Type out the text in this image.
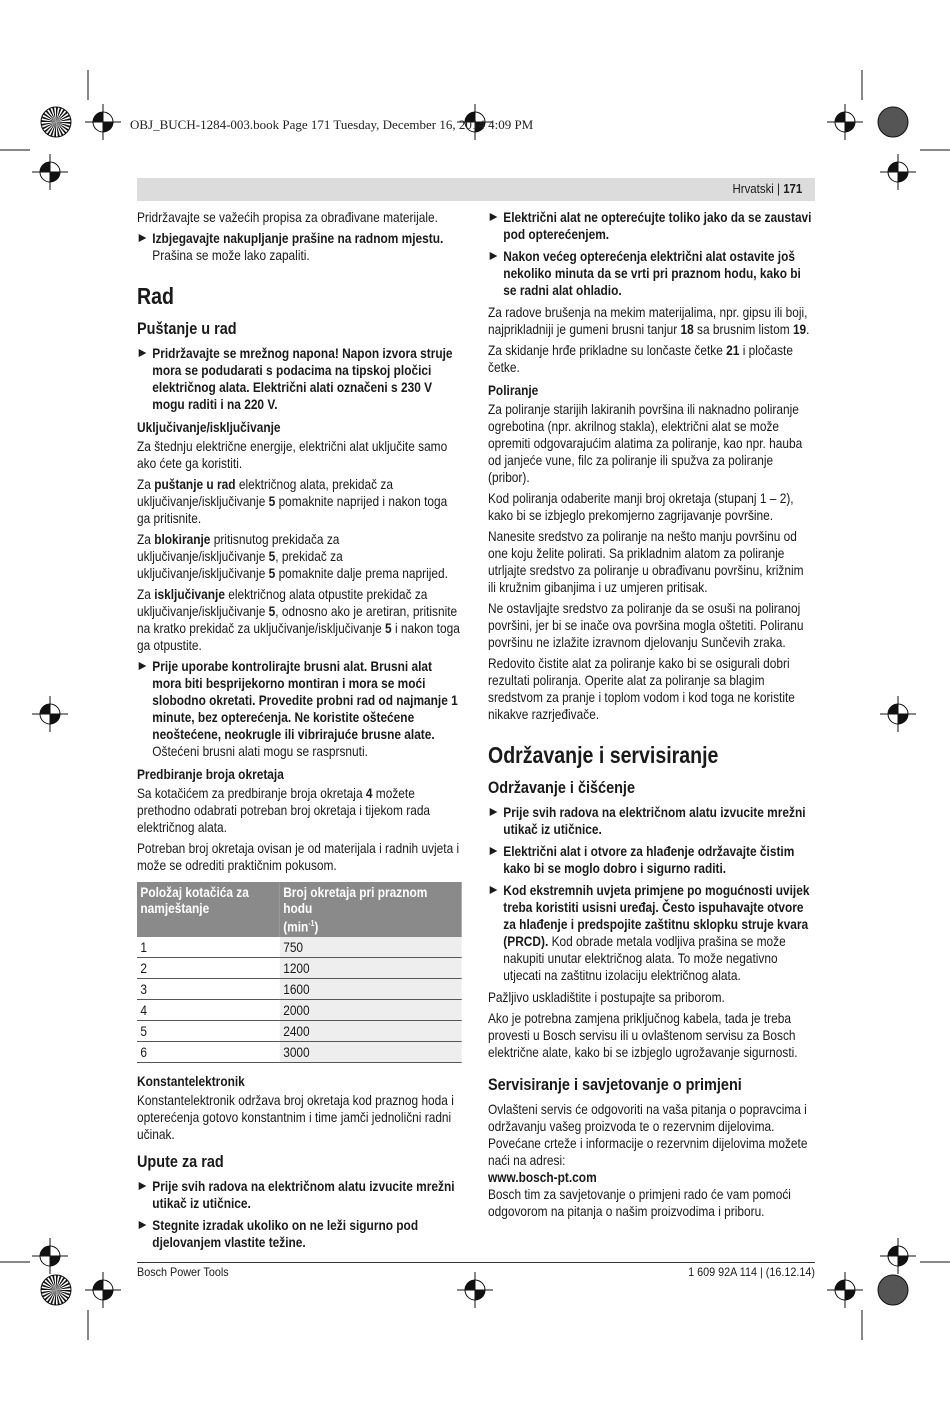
OBJ_BUCH-1284-003.book Page 171 Tuesday, December 16, 2014 4:09 PM
Hrvatski | 171

Pridržavajte se važećih propisa za obrađivane materijale.

Izbjegavajte nakupljanje prašine na radnom mjestu. Prašina se može lako zapaliti.

Rad
Puštanje u rad

Pridržavajte se mrežnog napona! Napon izvora struje mora se podudarati s podacima na tipskoj pločici električnog alata. Električni alati označeni s 230 V mogu raditi i na 220 V.

Uključivanje/isključivanje

Za štednju električne energije, električni alat uključite samo ako ćete ga koristiti.

Za puštanje u rad električnog alata, prekidač za uključivanje/isključivanje 5 pomaknite naprijed i nakon toga ga pritisnite.

Za blokiranje pritisnutog prekidača za uključivanje/isključivanje 5, prekidač za uključivanje/isključivanje 5 pomaknite dalje prema naprijed.

Za isključivanje električnog alata otpustite prekidač za uključivanje/isključivanje 5, odnosno ako je aretiran, pritisnite na kratko prekidač za uključivanje/isključivanje 5 i nakon toga ga otpustite.

Prije uporabe kontrolirajte brusni alat. Brusni alat mora biti besprijekorno montiran i mora se moći slobodno okretati. Provedite probni rad od najmanje 1 minute, bez opterećenja. Ne koristite oštećene neoštećene, neokrugle ili vibrirajuće brusne alate. Oštećeni brusni alati mogu se rasprsnuti.

Predbiranje broja okretaja

Sa kotačićem za predbiranje broja okretaja 4 možete prethodno odabrati potreban broj okretaja i tijekom rada električnog alata.

Potreban broj okretaja ovisan je od materijala i radnih uvjeta i može se odrediti praktičnim pokusom.

Položaj kotačića za namještanje	Broj okretaja pri praznom hodu
$(\min^{-1})$
1	750
2	1200
3	1600
4	2000
5	2400
6	3000
Konstantelektronik

Konstantelektronik održava broj okretaja kod praznog hoda i opterećenja gotovo konstantnim i time jamči jednolični radni učinak.

Upute za rad

Prije svih radova na električnom alatu izvucite mrežni utikač iz utičnice.

Stegnite izradak ukoliko on ne leži sigurno pod djelovanjem vlastite težine.

Električni alat ne opterećujte toliko jako da se zaustavi pod opterećenjem.

Nakon većeg opterećenja električni alat ostavite još nekoliko minuta da se vrti pri praznom hodu, kako bi se radni alat ohladio.

Za radove brušenja na mekim materijalima, npr. gipsu ili boji, najprikladniji je gumeni brusni tanjur 18 sa brusnim listom 19.

Za skidanje hrđe prikladne su lončaste četke 21 i pločaste četke.

Poliranje

Za poliranje starijih lakiranih površina ili naknadno poliranje ogrebotina (npr. akrilnog stakla), električni alat se može opremiti odgovarajućim alatima za poliranje, kao npr. hauba od janjeće vune, filc za poliranje ili spužva za poliranje (pribor).

Kod poliranja odaberite manji broj okretaja (stupanj 1 – 2), kako bi se izbjeglo prekomjerno zagrijavanje površine.

Nanesite sredstvo za poliranje na nešto manju površinu od one koju želite polirati. Sa prikladnim alatom za poliranje utrljajte sredstvo za poliranje u obrađivanu površinu, križnim ili kružnim gibanjima i uz umjeren pritisak.

Ne ostavljajte sredstvo za poliranje da se osuši na poliranoj površini, jer bi se inače ova površina mogla oštetiti. Poliranu površinu ne izlažite izravnom djelovanju Sunčevih zraka.

Redovito čistite alat za poliranje kako bi se osigurali dobri rezultati poliranja. Operite alat za poliranje sa blagim sredstvom za pranje i toplom vodom i kod toga ne koristite nikakve razrjeđivače.

Održavanje i servisiranje
Održavanje i čišćenje

Prije svih radova na električnom alatu izvucite mrežni utikač iz utičnice.

Električni alat i otvore za hlađenje održavajte čistim kako bi se moglo dobro i sigurno raditi.

Kod ekstremnih uvjeta primjene po mogućnosti uvijek treba koristiti usisni uređaj. Često ispuhavajte otvore za hlađenje i predspojite zaštitnu sklopku struje kvara (PRCD). Kod obrade metala vodljiva prašina se može nakupiti unutar električnog alata. To može negativno utjecati na zaštitnu izolaciju električnog alata.

Pažljivo uskladištite i postupajte sa priborom.

Ako je potrebna zamjena priključnog kabela, tada je treba provesti u Bosch servisu ili u ovlaštenom servisu za Bosch električne alate, kako bi se izbjeglo ugrožavanje sigurnosti.

Servisiranje i savjetovanje o primjeni

Ovlašteni servis će odgovoriti na vaša pitanja o popravcima i održavanju vašeg proizvoda te o rezervnim dijelovima. Povećane crteže i informacije o rezervnim dijelovima možete naći na adresi:

www.bosch-pt.com

Bosch tim za savjetovanje o primjeni rado će vam pomoći odgovorom na pitanja o našim proizvodima i priboru.

Bosch Power Tools	1 609 92A 114 | (16.12.14)
